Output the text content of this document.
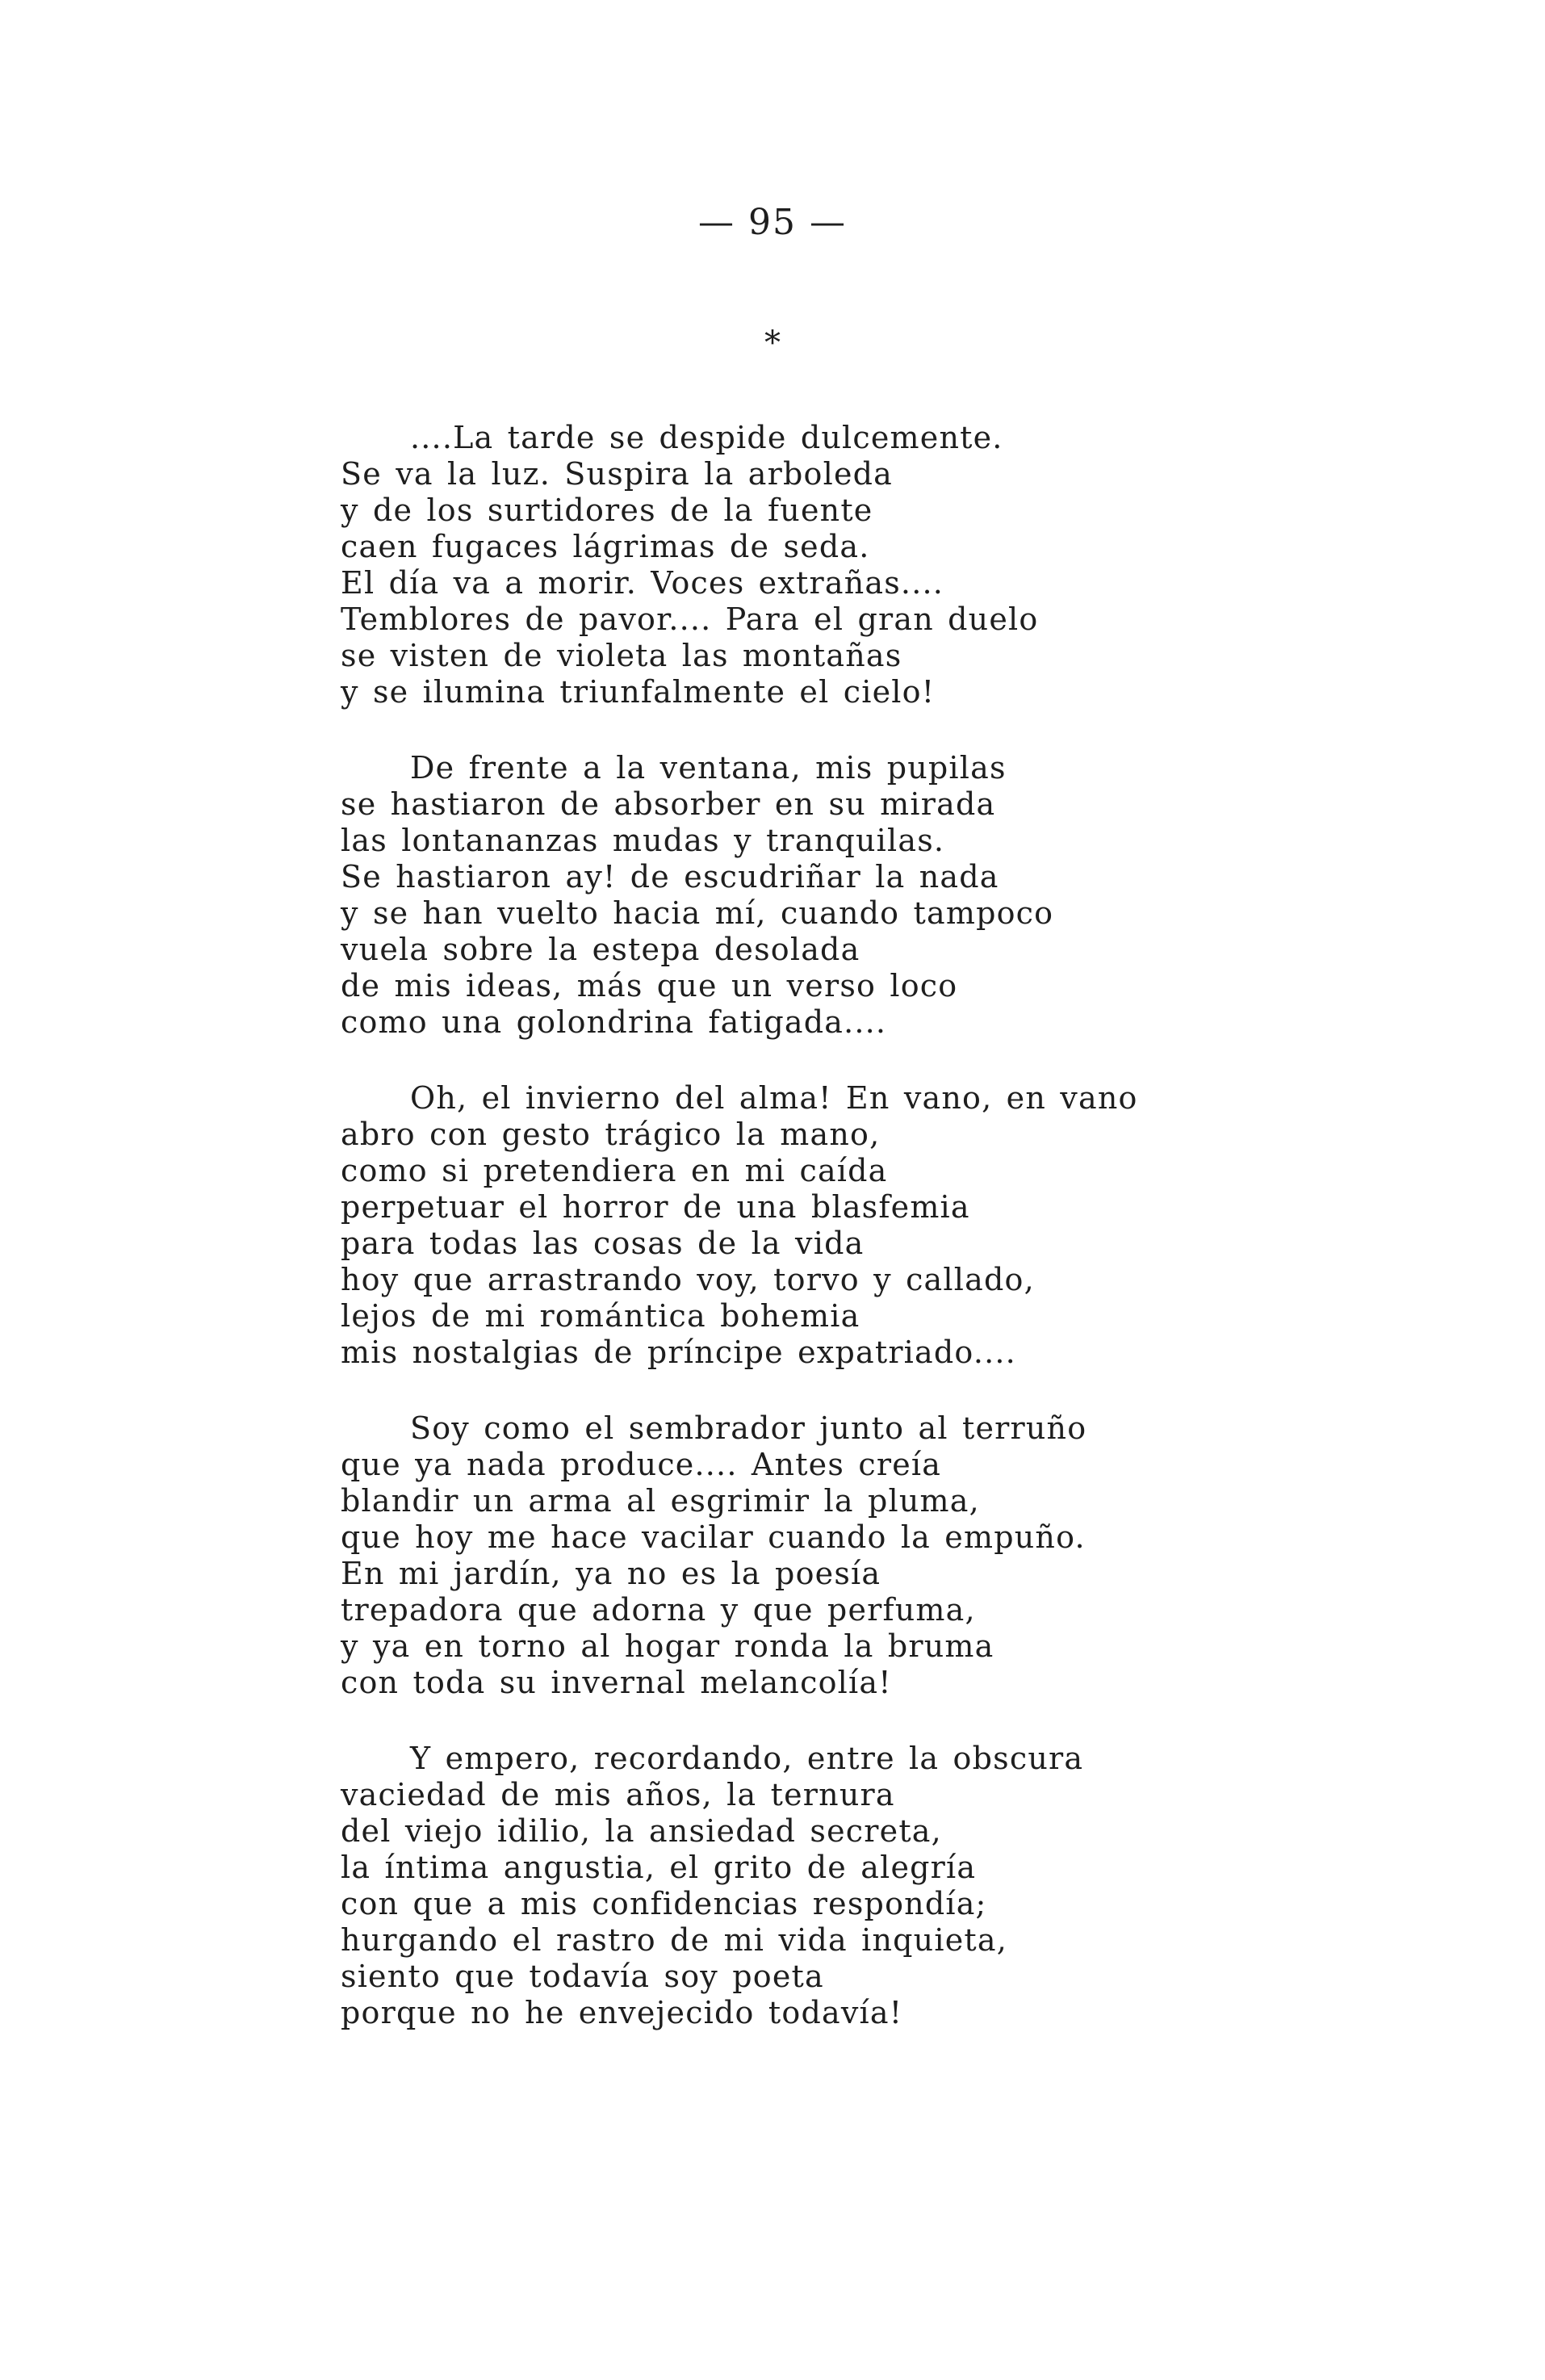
— 95 —
*
....La tarde se despide dulcemente.
Se va la luz. Suspira la arboleda
y de los surtidores de la fuente
caen fugaces lágrimas de seda.
El día va a morir. Voces extrañas....
Temblores de pavor.... Para el gran duelo
se visten de violeta las montañas
y se ilumina triunfalmente el cielo!
De frente a la ventana, mis pupilas
se hastiaron de absorber en su mirada
las lontananzas mudas y tranquilas.
Se hastiaron ay! de escudriñar la nada
y se han vuelto hacia mí, cuando tampoco
vuela sobre la estepa desolada
de mis ideas, más que un verso loco
como una golondrina fatigada....
Oh, el invierno del alma! En vano, en vano
abro con gesto trágico la mano,
como si pretendiera en mi caída
perpetuar el horror de una blasfemia
para todas las cosas de la vida
hoy que arrastrando voy, torvo y callado,
lejos de mi romántica bohemia
mis nostalgias de príncipe expatriado....
Soy como el sembrador junto al terruño
que ya nada produce.... Antes creía
blandir un arma al esgrimir la pluma,
que hoy me hace vacilar cuando la empuño.
En mi jardín, ya no es la poesía
trepadora que adorna y que perfuma,
y ya en torno al hogar ronda la bruma
con toda su invernal melancolía!
Y empero, recordando, entre la obscura
vaciedad de mis años, la ternura
del viejo idilio, la ansiedad secreta,
la íntima angustia, el grito de alegría
con que a mis confidencias respondía;
hurgando el rastro de mi vida inquieta,
siento que todavía soy poeta
porque no he envejecido todavía!
